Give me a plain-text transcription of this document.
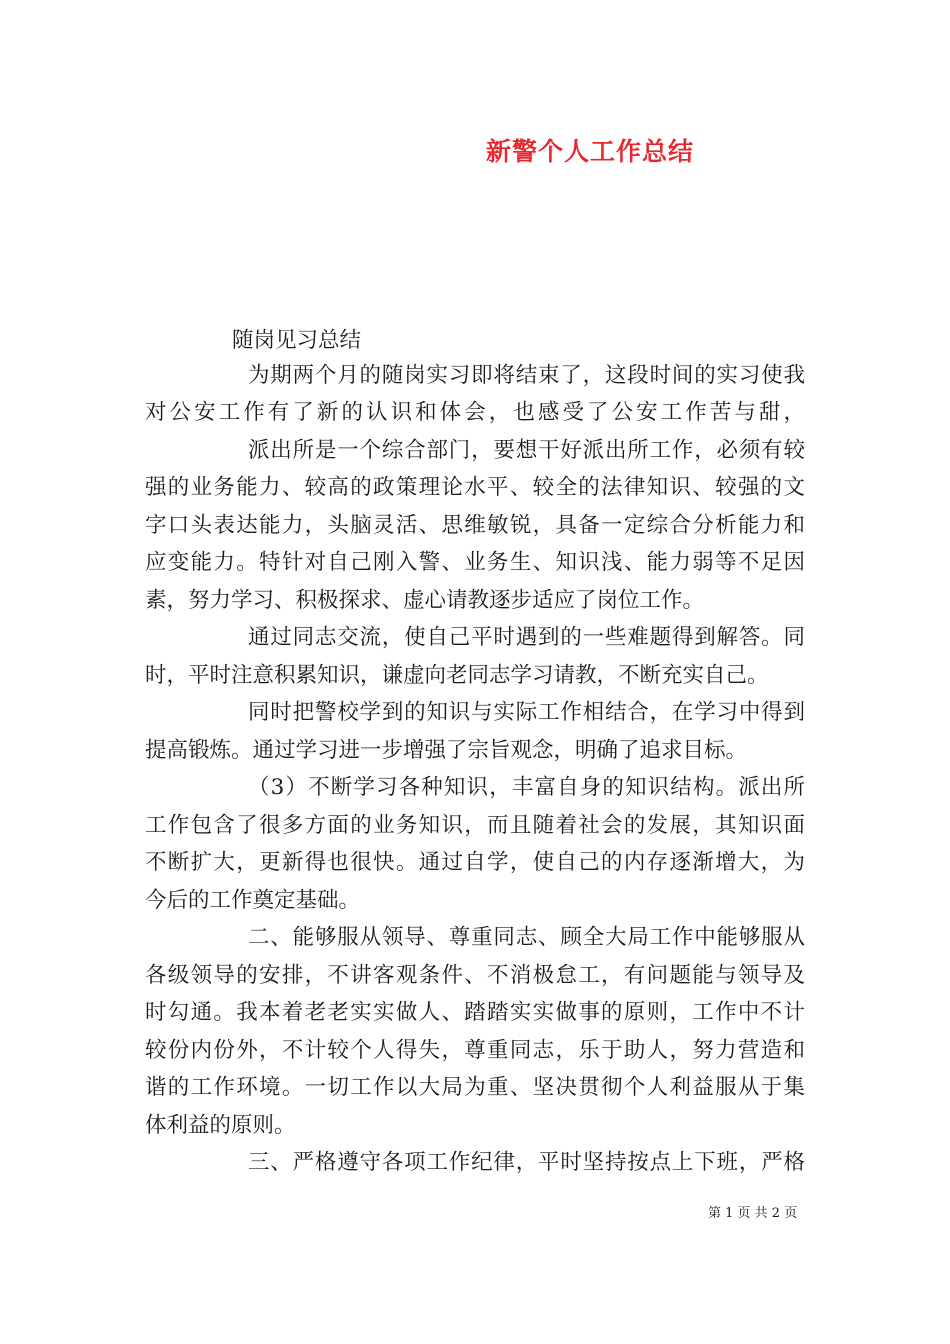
新警个人工作总结
随岗见习总结
为期两个月的随岗实习即将结束了，这段时间的实习使我
对公安工作有了新的认识和体会，也感受了公安工作苦与甜，
派出所是一个综合部门，要想干好派出所工作，必须有较
强的业务能力、较高的政策理论水平、较全的法律知识、较强的文
字口头表达能力，头脑灵活、思维敏锐，具备一定综合分析能力和
应变能力。特针对自己刚入警、业务生、知识浅、能力弱等不足因
素，努力学习、积极探求、虚心请教逐步适应了岗位工作。
通过同志交流，使自己平时遇到的一些难题得到解答。同
时，平时注意积累知识，谦虚向老同志学习请教，不断充实自己。
同时把警校学到的知识与实际工作相结合，在学习中得到
提高锻炼。通过学习进一步增强了宗旨观念，明确了追求目标。
（3）不断学习各种知识，丰富自身的知识结构。派出所
工作包含了很多方面的业务知识，而且随着社会的发展，其知识面
不断扩大，更新得也很快。通过自学，使自己的内存逐渐增大，为
今后的工作奠定基础。
二、能够服从领导、尊重同志、顾全大局工作中能够服从
各级领导的安排，不讲客观条件、不消极怠工，有问题能与领导及
时勾通。我本着老老实实做人、踏踏实实做事的原则，工作中不计
较份内份外，不计较个人得失，尊重同志，乐于助人，努力营造和
谐的工作环境。一切工作以大局为重、坚决贯彻个人利益服从于集
体利益的原则。
三、严格遵守各项工作纪律，平时坚持按点上下班，严格
第 1 页 共 2 页
